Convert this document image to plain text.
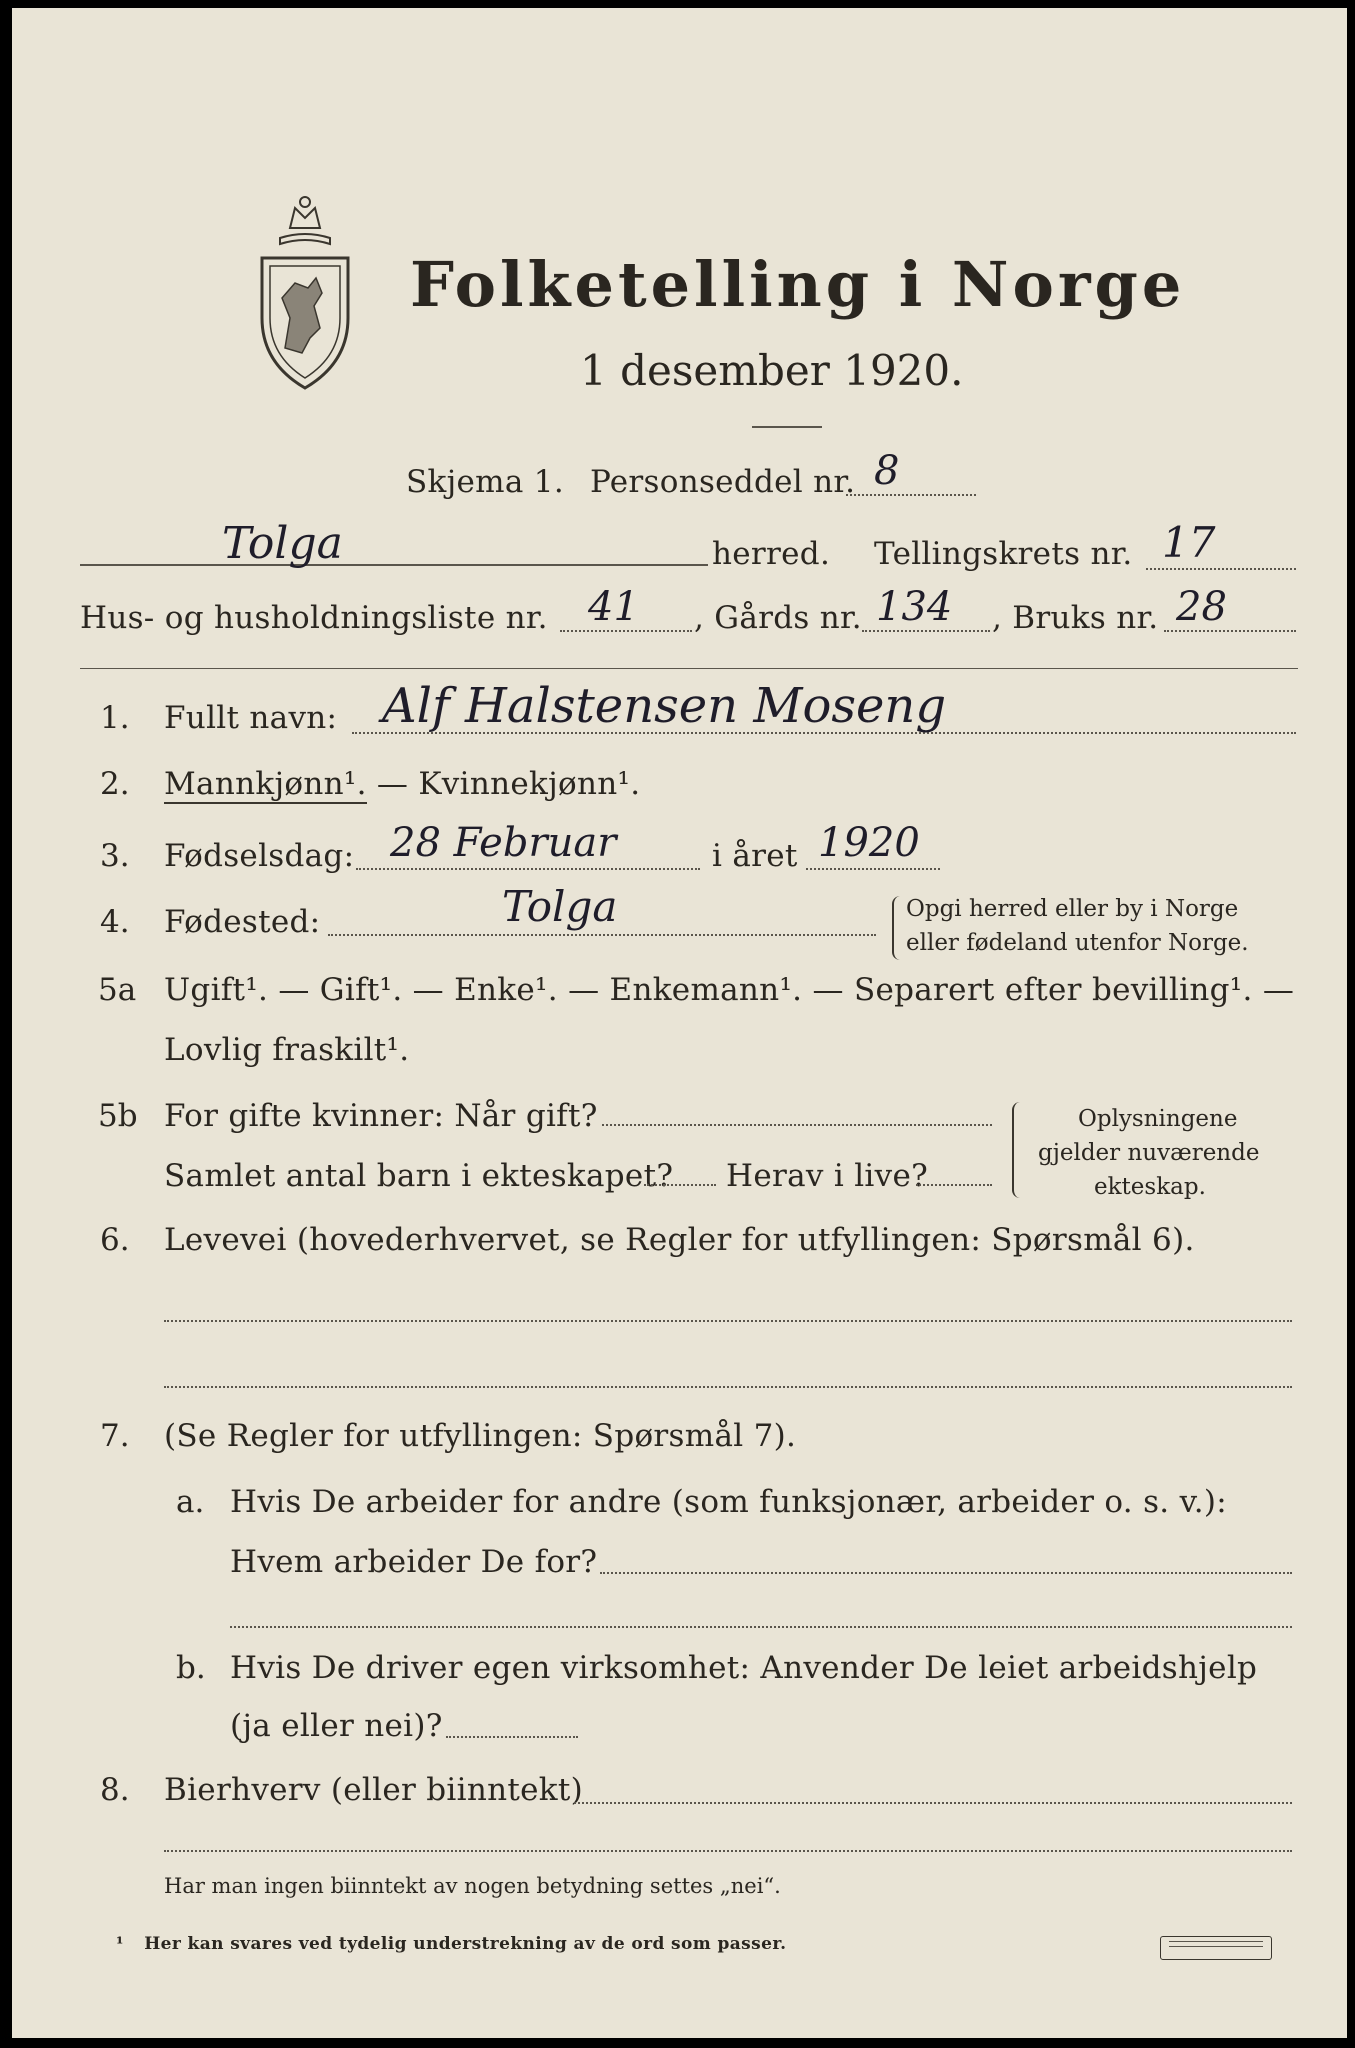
Folketelling i Norge
1 desember 1920.
Skjema 1. Personseddel nr. 8
Tolga	herred. Tellingskrets nr. 17
Hus- og husholdningsliste nr. 41 , Gårds nr. 134 , Bruks nr. 28
1. Fullt navn: Alf Halstensen Moseng
2. Mannkjønn¹. — Kvinnekjønn¹.
3. Fødselsdag: 28 Februar	i året 1920
4. Fødested:	Tolga	Opgi herred eller by i Norge
eller fødeland utenfor Norge.
5a Ugift¹. — Gift¹. — Enke¹. — Enkemann¹. — Separert efter bevilling¹. —
Lovlig fraskilt¹.
5b For gifte kvinner: Når gift?
Samlet antal barn i ekteskapet? Herav i live?
Oplysningene
gjelder nuværende
ekteskap.
6. Levevei (hovederhvervet, se Regler for utfyllingen: Spørsmål 6).
7. (Se Regler for utfyllingen: Spørsmål 7).
a. Hvis De arbeider for andre (som funksjonær, arbeider o. s. v.):
Hvem arbeider De for?
b. Hvis De driver egen virksomhet: Anvender De leiet arbeidshjelp
(ja eller nei)?
8. Bierhverv (eller biinntekt)
Har man ingen biinntekt av nogen betydning settes „nei“.
¹ Her kan svares ved tydelig understrekning av de ord som passer.
